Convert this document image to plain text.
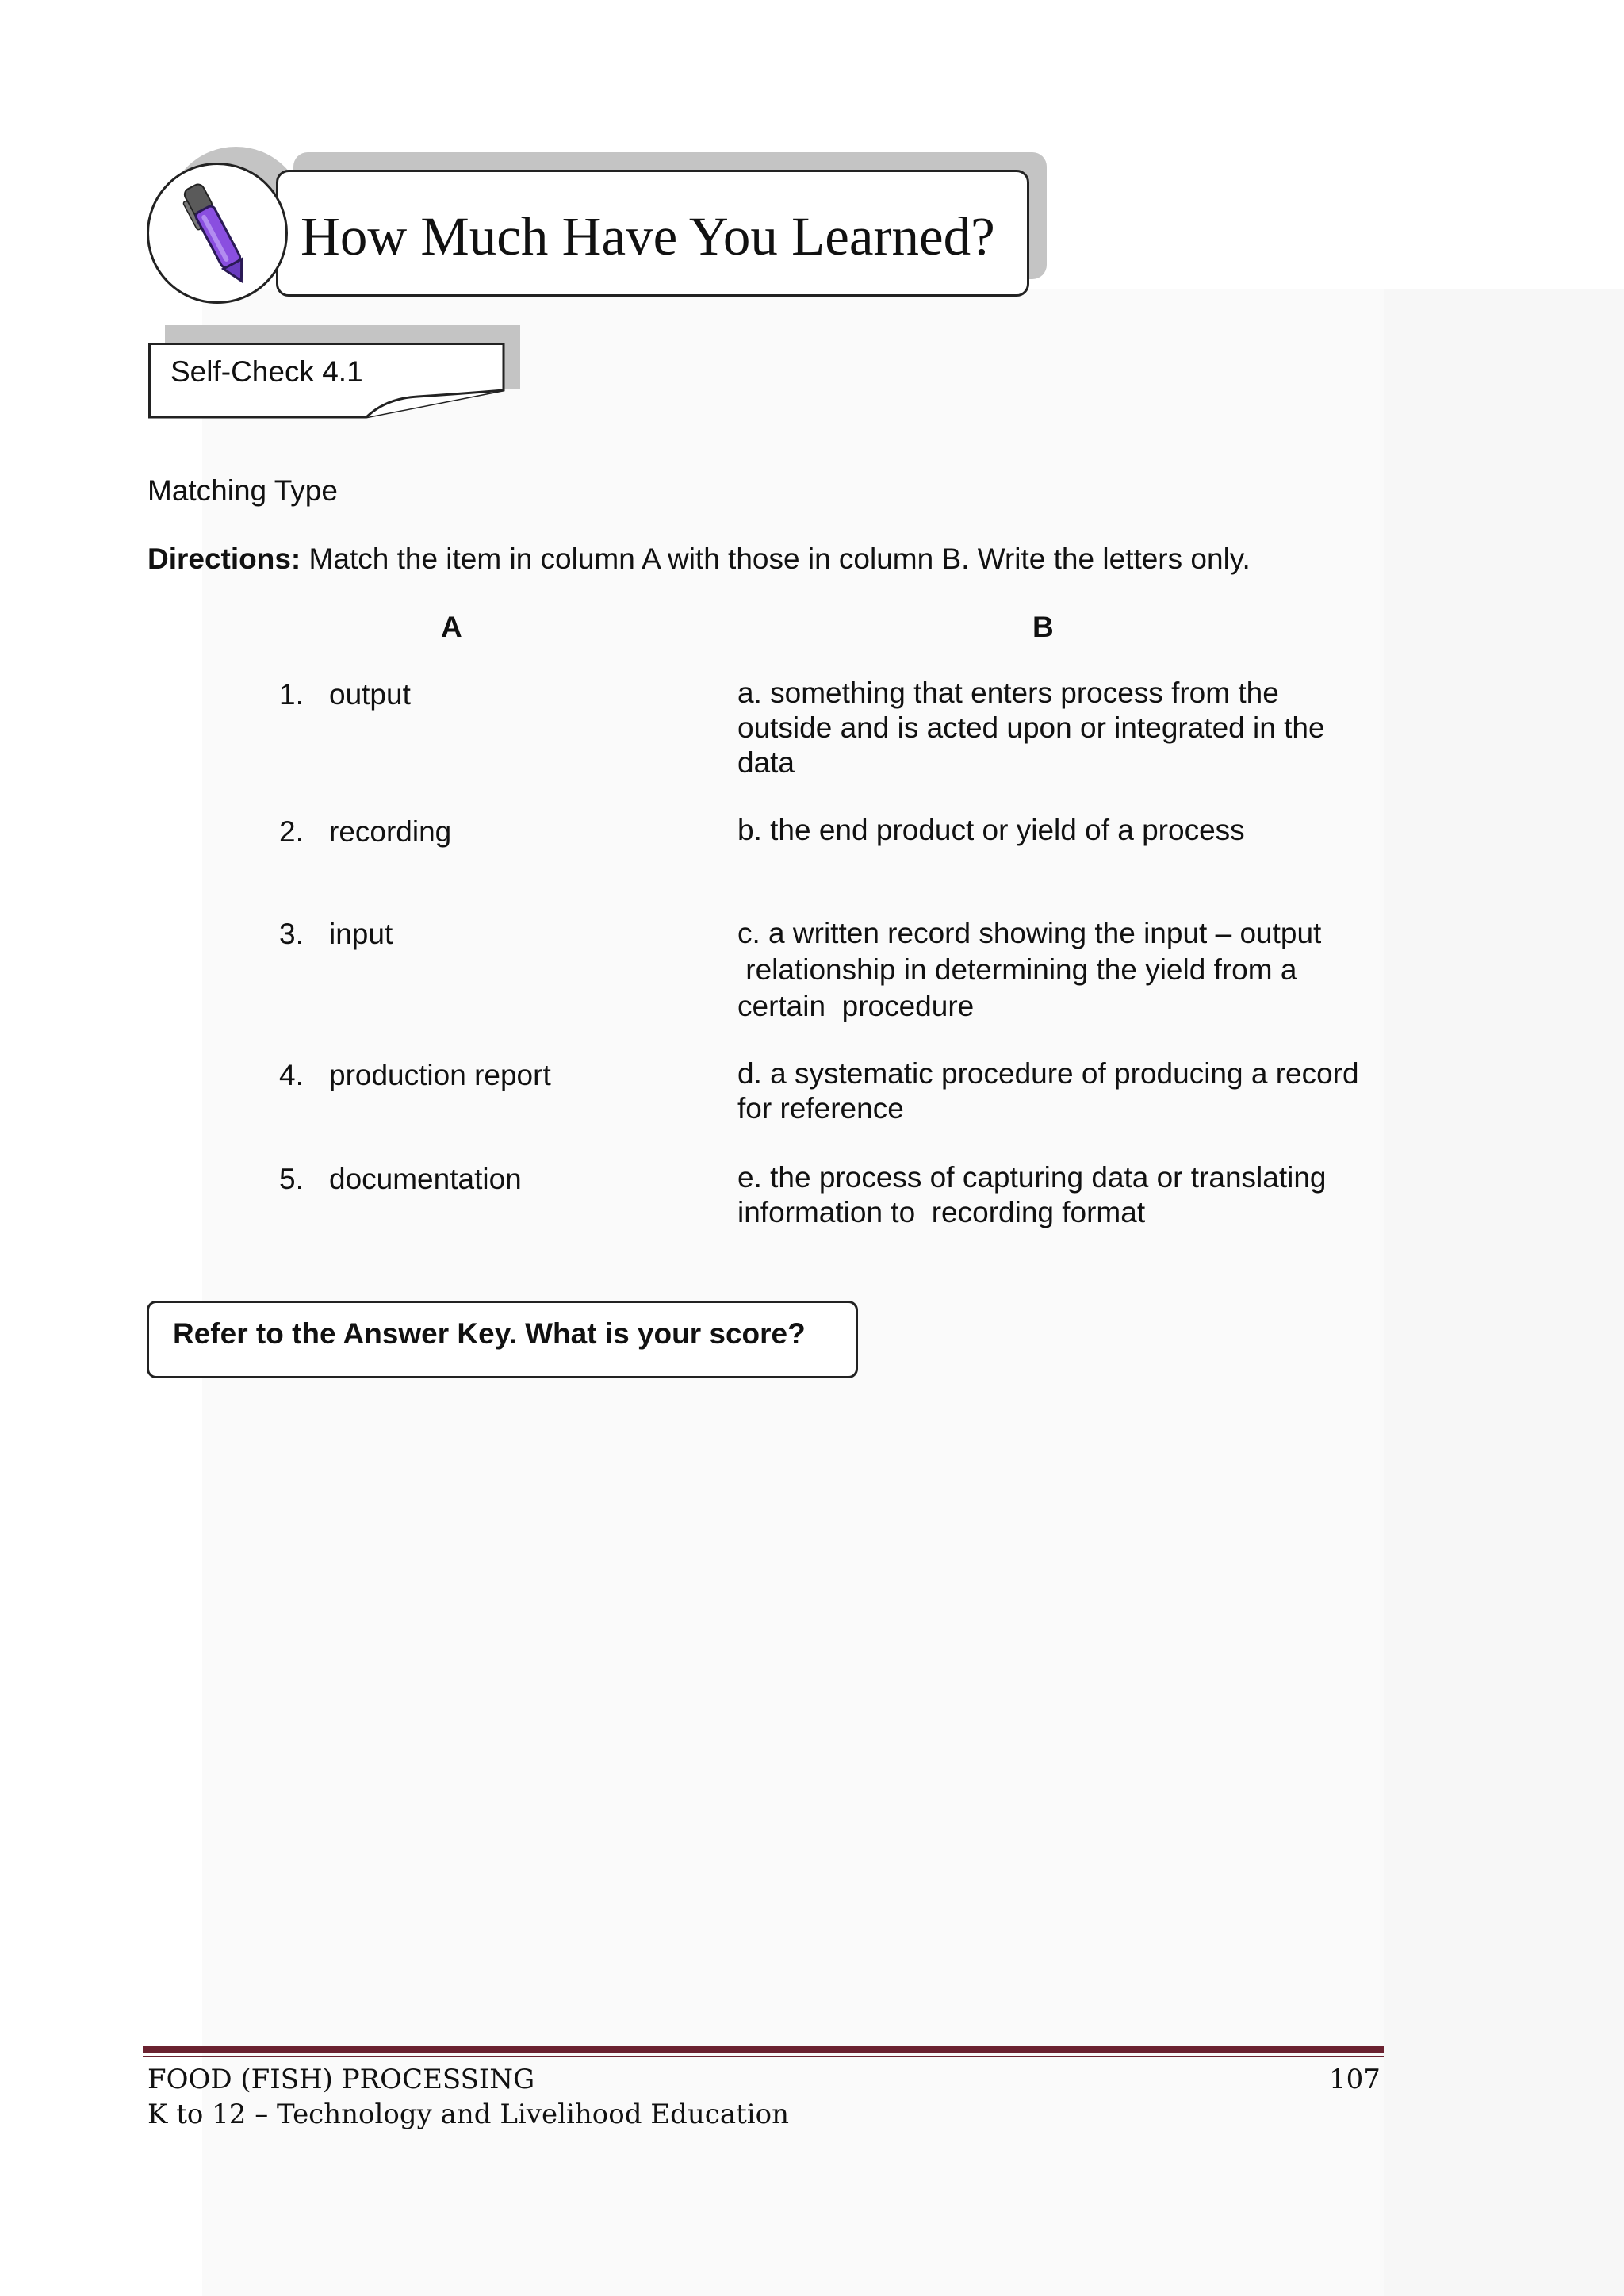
How Much Have You Learned?
Self-Check 4.1
Matching Type
Directions: Match the item in column A with those in column B. Write the letters only.
A	B
1. output	a. something that enters process from the
outside and is acted upon or integrated in the
data
2. recording	b. the end product or yield of a process
3. input	c. a written record showing the input – output
relationship in determining the yield from a
certain  procedure
4. production report	d. a systematic procedure of producing a record
for reference
5. documentation	e. the process of capturing data or translating
information to  recording format
Refer to the Answer Key. What is your score?
FOOD (FISH) PROCESSING
K to 12 – Technology and Livelihood Education
107
